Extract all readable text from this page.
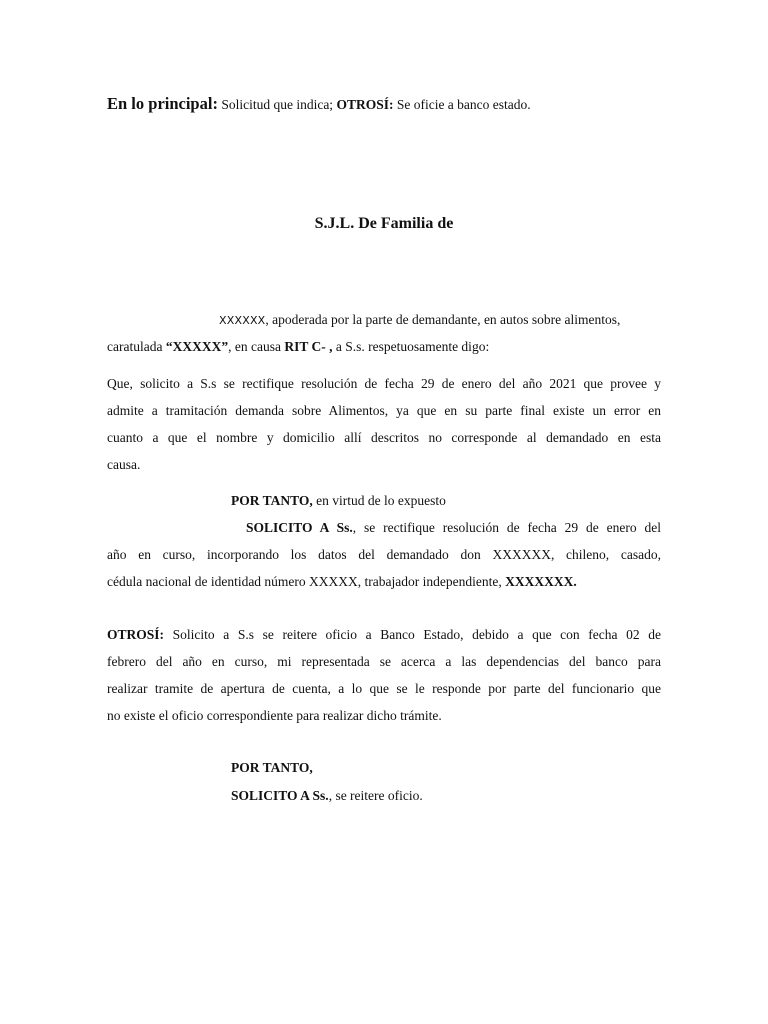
En lo principal: Solicitud que indica; OTROSÍ: Se oficie a banco estado.
S.J.L. De Familia de
XXXXXX, apoderada por la parte de demandante, en autos sobre alimentos,
caratulada “XXXXX”, en causa RIT C- , a S.s. respetuosamente digo:
Que, solicito a S.s se rectifique resolución de fecha 29 de enero del año 2021 que provee y
admite a tramitación demanda sobre Alimentos, ya que en su parte final existe un error en
cuanto a que el nombre y domicilio allí descritos no corresponde al demandado en esta
causa.
POR TANTO, en virtud de lo expuesto
SOLICITO A Ss., se rectifique resolución de fecha 29 de enero del
año en curso, incorporando los datos del demandado don XXXXXX, chileno, casado,
cédula nacional de identidad número XXXXX, trabajador independiente, XXXXXXX.
OTROSÍ: Solicito a S.s se reitere oficio a Banco Estado, debido a que con fecha 02 de
febrero del año en curso, mi representada se acerca a las dependencias del banco para
realizar tramite de apertura de cuenta, a lo que se le responde por parte del funcionario que
no existe el oficio correspondiente para realizar dicho trámite.
POR TANTO,
SOLICITO A Ss., se reitere oficio.
